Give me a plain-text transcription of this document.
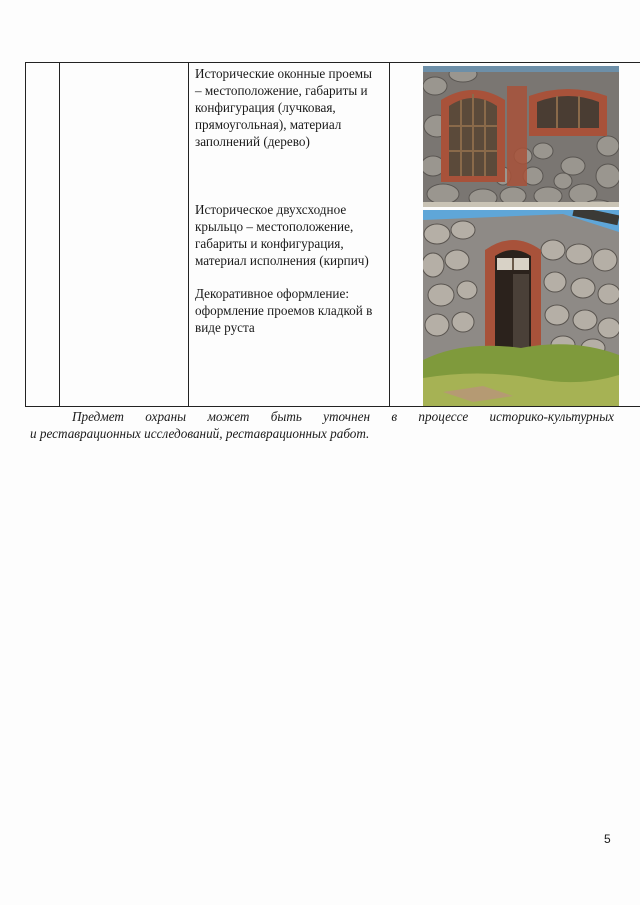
Исторические оконные проемы
– местоположение, габариты и
конфигурация (лучковая,
прямоугольная), материал
заполнений (дерево)
Историческое двухсходное
крыльцо – местоположение,
габариты и конфигурация,
материал исполнения (кирпич)
Декоративное оформление:
оформление проемов кладкой в
виде руста

Предмет охраны может быть уточнен в процессе историко-культурных
и реставрационных исследований, реставрационных работ.
5
